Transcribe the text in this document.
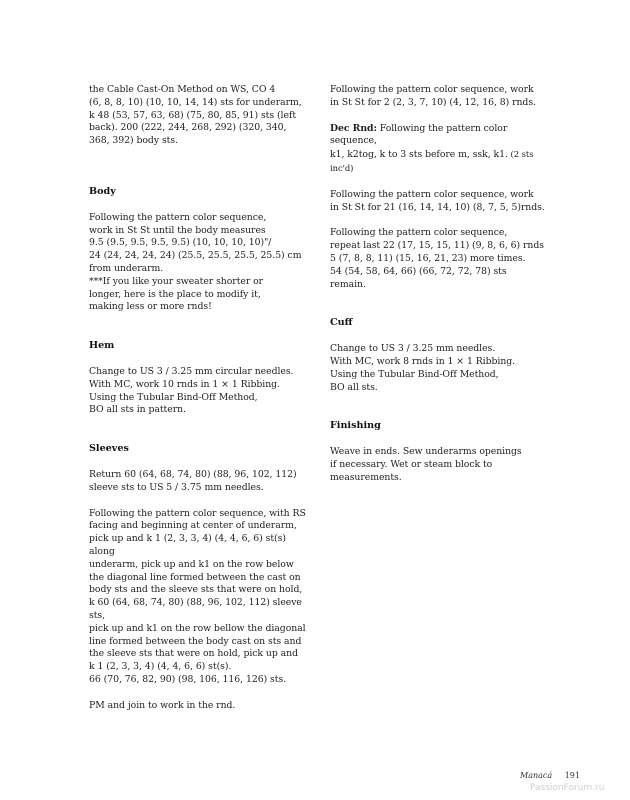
the Cable Cast-On Method on WS, CO 4
(6, 8, 8, 10) (10, 10, 14, 14) sts for underarm,
k 48 (53, 57, 63, 68) (75, 80, 85, 91) sts (left
back). 200 (222, 244, 268, 292) (320, 340,
368, 392) body sts.

Body

Following the pattern color sequence,
work in St St until the body measures
9.5 (9.5, 9.5, 9.5, 9.5) (10, 10, 10, 10)"/
24 (24, 24, 24, 24) (25.5, 25.5, 25.5, 25.5) cm
from underarm.
***If you like your sweater shorter or
longer, here is the place to modify it,
making less or more rnds!

Hem

Change to US 3 / 3.25 mm circular needles.
With MC, work 10 rnds in 1 × 1 Ribbing.
Using the Tubular Bind-Off Method,
BO all sts in pattern.

Sleeves

Return 60 (64, 68, 74, 80) (88, 96, 102, 112)
sleeve sts to US 5 / 3.75 mm needles.

Following the pattern color sequence, with RS
facing and beginning at center of underarm,
pick up and k 1 (2, 3, 3, 4) (4, 4, 6, 6) st(s) along
underarm, pick up and k1 on the row below
the diagonal line formed between the cast on
body sts and the sleeve sts that were on hold,
k 60 (64, 68, 74, 80) (88, 96, 102, 112) sleeve sts,
pick up and k1 on the row bellow the diagonal
line formed between the body cast on sts and
the sleeve sts that were on hold, pick up and
k 1 (2, 3, 3, 4) (4, 4, 6, 6) st(s).
66 (70, 76, 82, 90) (98, 106, 116, 126) sts.

PM and join to work in the rnd.

Following the pattern color sequence, work
in St St for 2 (2, 3, 7, 10) (4, 12, 16, 8) rnds.

Dec Rnd: Following the pattern color sequence,
k1, k2tog, k to 3 sts before m, ssk, k1. (2 sts inc'd)

Following the pattern color sequence, work
in St St for 21 (16, 14, 14, 10) (8, 7, 5, 5)rnds.

Following the pattern color sequence,
repeat last 22 (17, 15, 15, 11) (9, 8, 6, 6) rnds
5 (7, 8, 8, 11) (15, 16, 21, 23) more times.
54 (54, 58, 64, 66) (66, 72, 72, 78) sts
remain.

Cuff

Change to US 3 / 3.25 mm needles.
With MC, work 8 rnds in 1 × 1 Ribbing.
Using the Tubular Bind-Off Method,
BO all sts.

Finishing

Weave in ends. Sew underarms openings
if necessary. Wet or steam block to
measurements.

Manacá 191
PassionForum.ru
